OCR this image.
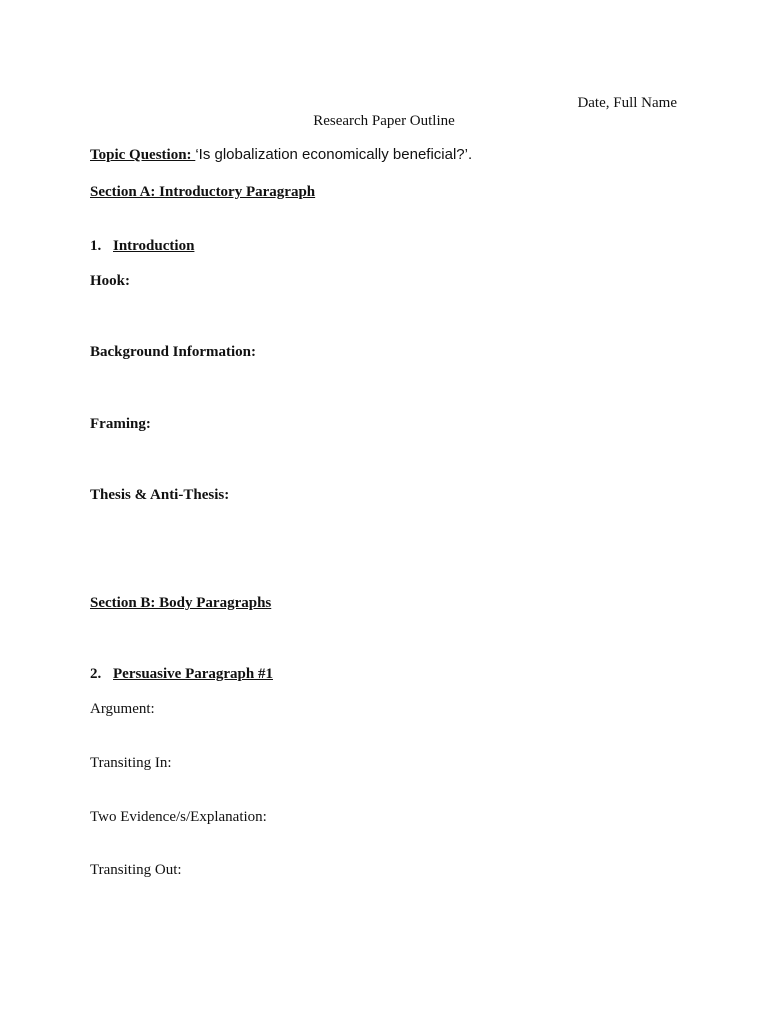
Date, Full Name
Research Paper Outline
Topic Question: ‘Is globalization economically beneficial?’.
Section A: Introductory Paragraph
1. Introduction
Hook:
Background Information:
Framing:
Thesis & Anti-Thesis:
Section B: Body Paragraphs
2. Persuasive Paragraph #1
Argument:
Transiting In:
Two Evidence/s/Explanation:
Transiting Out:
